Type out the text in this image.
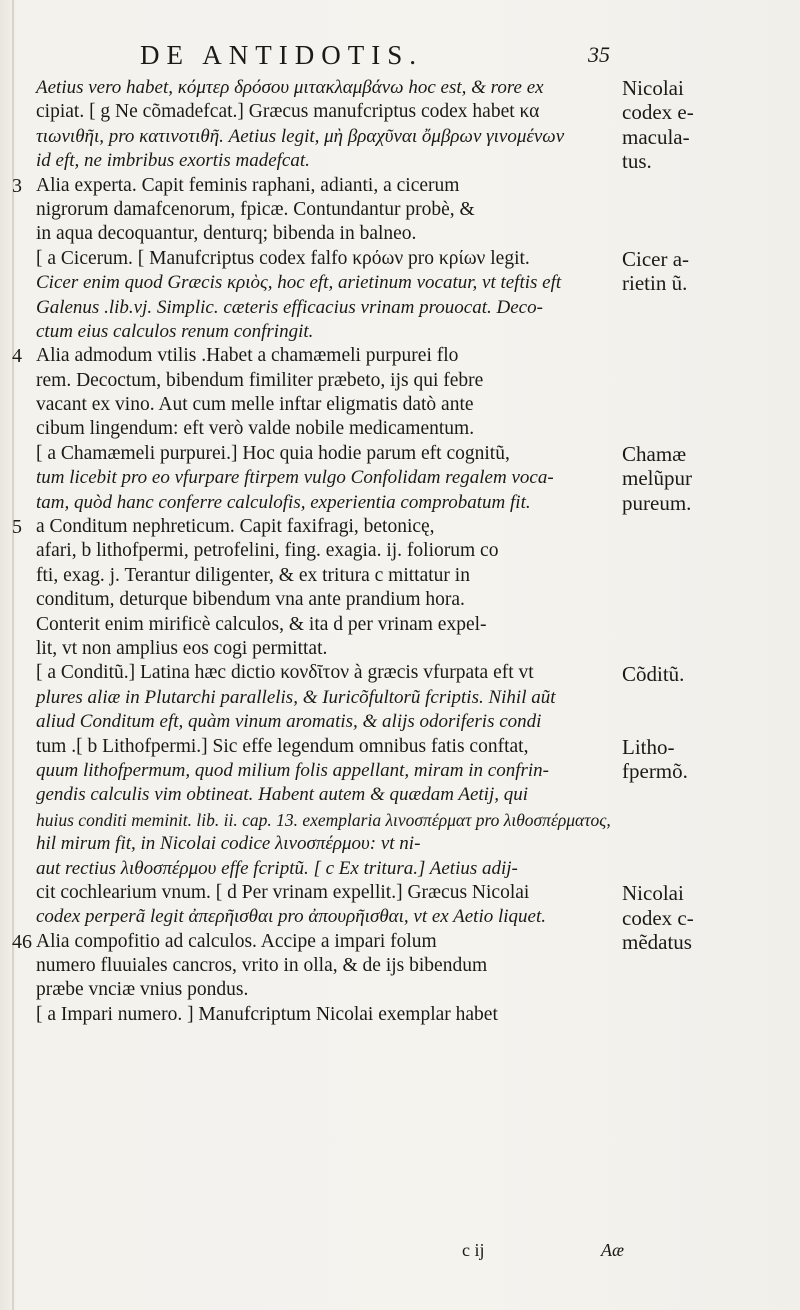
DE ANTIDOTIS.	35
Aetius vero habet, κόμτερ δρόσου μιτακλαμβάνω hoc est, & rore ex
cipiat. [ g Ne cõmadefcat.] Græcus manufcriptus codex habet κα
τιωνιθῆι, pro κατινοτιθῆ. Aetius legit, μὴ βραχῦναι ὄμβρων γινομένων
id eft, ne imbribus exortis madefcat.
3 Alia experta. Capit feminis raphani, adianti, a cicerum
nigrorum damafcenorum, fpicæ. Contundantur probè, &
in aqua decoquantur, denturq; bibenda in balneo.
[ a Cicerum. [ Manufcriptus codex falfo κρόων pro κρίων legit.
Cicer enim quod Græcis κριὸς, hoc eft, arietinum vocatur, vt teftis eft
Galenus .lib.vj. Simplic. cæteris efficacius vrinam prouocat. Deco-
ctum eius calculos renum confringit.
4 Alia admodum vtilis .Habet a chamæmeli purpurei flo
rem. Decoctum, bibendum fimiliter præbeto, ijs qui febre
vacant ex vino. Aut cum melle inftar eligmatis datò ante
cibum lingendum: eft verò valde nobile medicamentum.
[ a Chamæmeli purpurei.] Hoc quia hodie parum eft cognitũ,
tum licebit pro eo vfurpare ftirpem vulgo Confolidam regalem voca-
tam, quòd hanc conferre calculofis, experientia comprobatum fit.
5 a Conditum nephreticum. Capit faxifragi, betonicę,
afari, b lithofpermi, petrofelini, fing. exagia. ij. foliorum co
fti, exag. j. Terantur diligenter, & ex tritura c mittatur in
conditum, deturque bibendum vna ante prandium hora.
Conterit enim mirificè calculos, & ita d per vrinam expel-
lit, vt non amplius eos cogi permittat.
[ a Conditũ.] Latina hæc dictio κονδῖτον à græcis vfurpata eft vt
plures aliæ in Plutarchi parallelis, & Iuricõfultorũ fcriptis. Nihil aũt
aliud Conditum eft, quàm vinum aromatis, & alijs odoriferis condi
tum .[ b Lithofpermi.] Sic effe legendum omnibus fatis conftat,
quum lithofpermum, quod milium folis appellant, miram in confrin-
gendis calculis vim obtineat. Habent autem & quædam Aetij, qui
huius conditi meminit. lib. ii. cap. 13. exemplaria λινοσπέρματ pro λιθοσπέρματος,
hil mirum fit, in Nicolai codice λινοσπέρμου: vt ni-
aut rectius λιθοσπέρμου effe fcriptũ. [ c Ex tritura.] Aetius adij-
cit cochlearium vnum. [ d Per vrinam expellit.] Græcus Nicolai
codex perperã legit ἀπερῆισθαι pro ἀπουρῆισθαι, vt ex Aetio liquet.
46 Alia compofitio ad calculos. Accipe a impari folum
numero fluuiales cancros, vrito in olla, & de ijs bibendum
præbe vnciæ vnius pondus.
[ a Impari numero. ] Manufcriptum Nicolai exemplar habet
Nicolai
codex e-
macula-
tus.
Cicer a-
rietin ũ.
Chamæ
melũpur
pureum.
Cõditũ.
Litho-
fpermõ.
Nicolai
codex c-
mẽdatus
c ij	Aæ
